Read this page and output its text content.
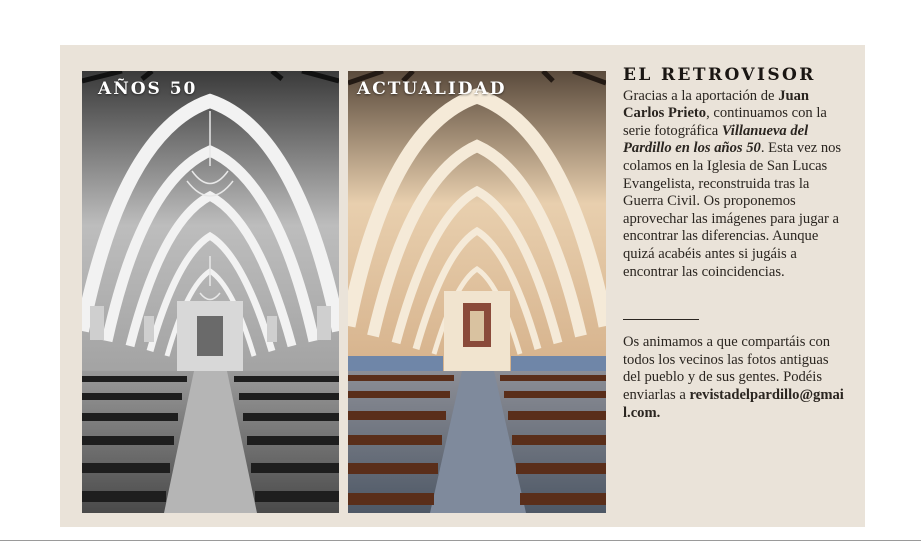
AÑOS 50	ACTUALIDAD
EL RETROVISOR

Gracias a la aportación de Juan Carlos Prieto, continuamos con la serie fotográfica Villanueva del Pardillo en los años 50. Esta vez nos colamos en la Iglesia de San Lucas Evangelista, reconstruida tras la Guerra Civil. Os proponemos aprovechar las imágenes para jugar a encontrar las diferencias. Aunque quizá acabéis antes si jugáis a encontrar las coincidencias.

Os animamos a que compartáis con todos los vecinos las fotos antiguas del pueblo y de sus gentes. Podéis enviarlas a revistadelpardillo@gmail.com.
